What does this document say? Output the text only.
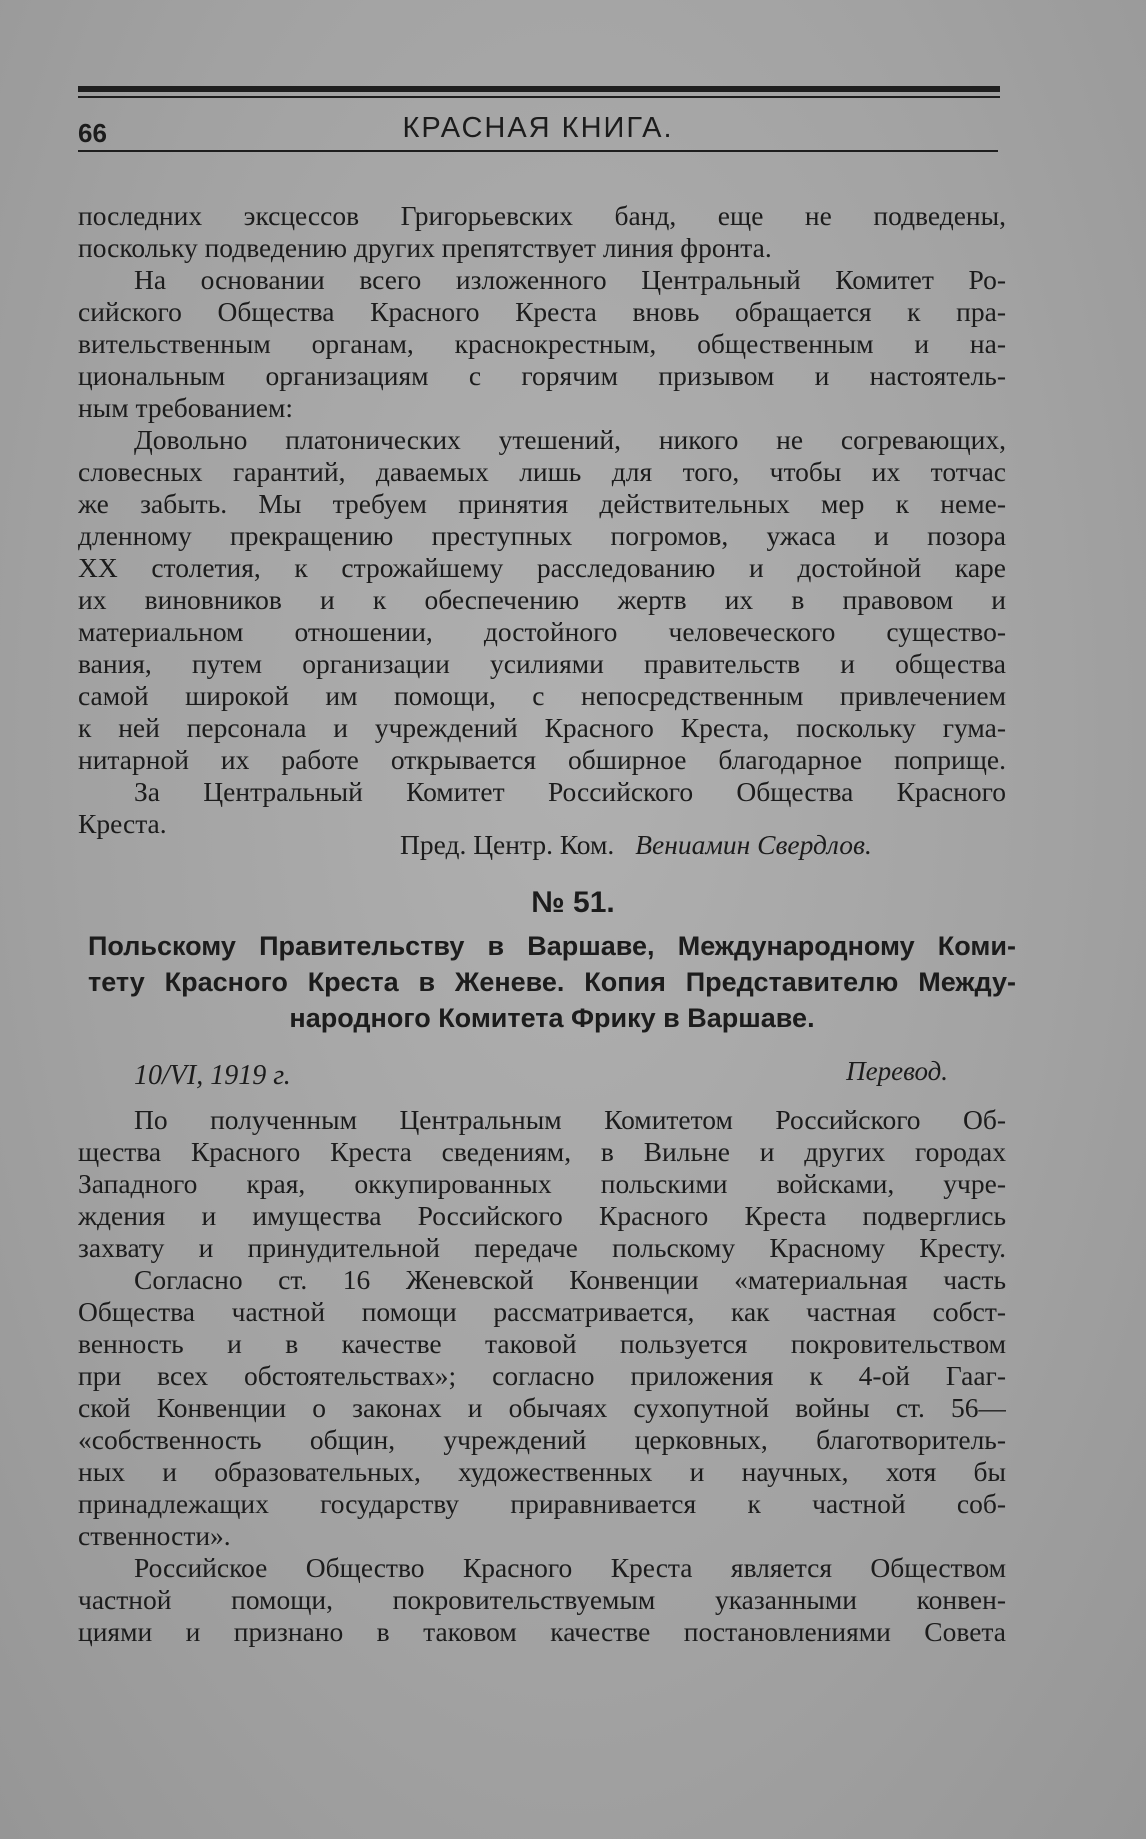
66	КРАСНАЯ КНИГА.
последних эксцессов Григорьевских банд, еще не подведены,
поскольку подведению других препятствует линия фронта.
На основании всего изложенного Центральный Комитет Ро-
сийского Общества Красного Креста вновь обращается к пра-
вительственным органам, краснокрестным, общественным и на-
циональным организациям с горячим призывом и настоятель-
ным требованием:
Довольно платонических утешений, никого не согревающих,
словесных гарантий, даваемых лишь для того, чтобы их тотчас
же забыть. Мы требуем принятия действительных мер к неме-
дленному прекращению преступных погромов, ужаса и позора
XX столетия, к строжайшему расследованию и достойной каре
их виновников и к обеспечению жертв их в правовом и
материальном отношении, достойного человеческого существо-
вания, путем организации усилиями правительств и общества
самой широкой им помощи, с непосредственным привлечением
к ней персонала и учреждений Красного Креста, поскольку гума-
нитарной их работе открывается обширное благодарное поприще.
За Центральный Комитет Российского Общества Красного
Креста.
Пред. Центр. Ком. Вениамин Свердлов.
№ 51.
Польскому Правительству в Варшаве, Международному Коми-
тету Красного Креста в Женеве. Копия Представителю Между-
народного Комитета Фрику в Варшаве.
10/VI, 1919 г.	Перевод.
По полученным Центральным Комитетом Российского Об-
щества Красного Креста сведениям, в Вильне и других городах
Западного края, оккупированных польскими войсками, учре-
ждения и имущества Российского Красного Креста подверглись
захвату и принудительной передаче польскому Красному Кресту.
Согласно ст. 16 Женевской Конвенции «материальная часть
Общества частной помощи рассматривается, как частная собст-
венность и в качестве таковой пользуется покровительством
при всех обстоятельствах»; согласно приложения к 4-ой Гааг-
ской Конвенции о законах и обычаях сухопутной войны ст. 56—
«собственность общин, учреждений церковных, благотворитель-
ных и образовательных, художественных и научных, хотя бы
принадлежащих государству приравнивается к частной соб-
ственности».
Российское Общество Красного Креста является Обществом
частной помощи, покровительствуемым указанными конвен-
циями и признано в таковом качестве постановлениями Совета
